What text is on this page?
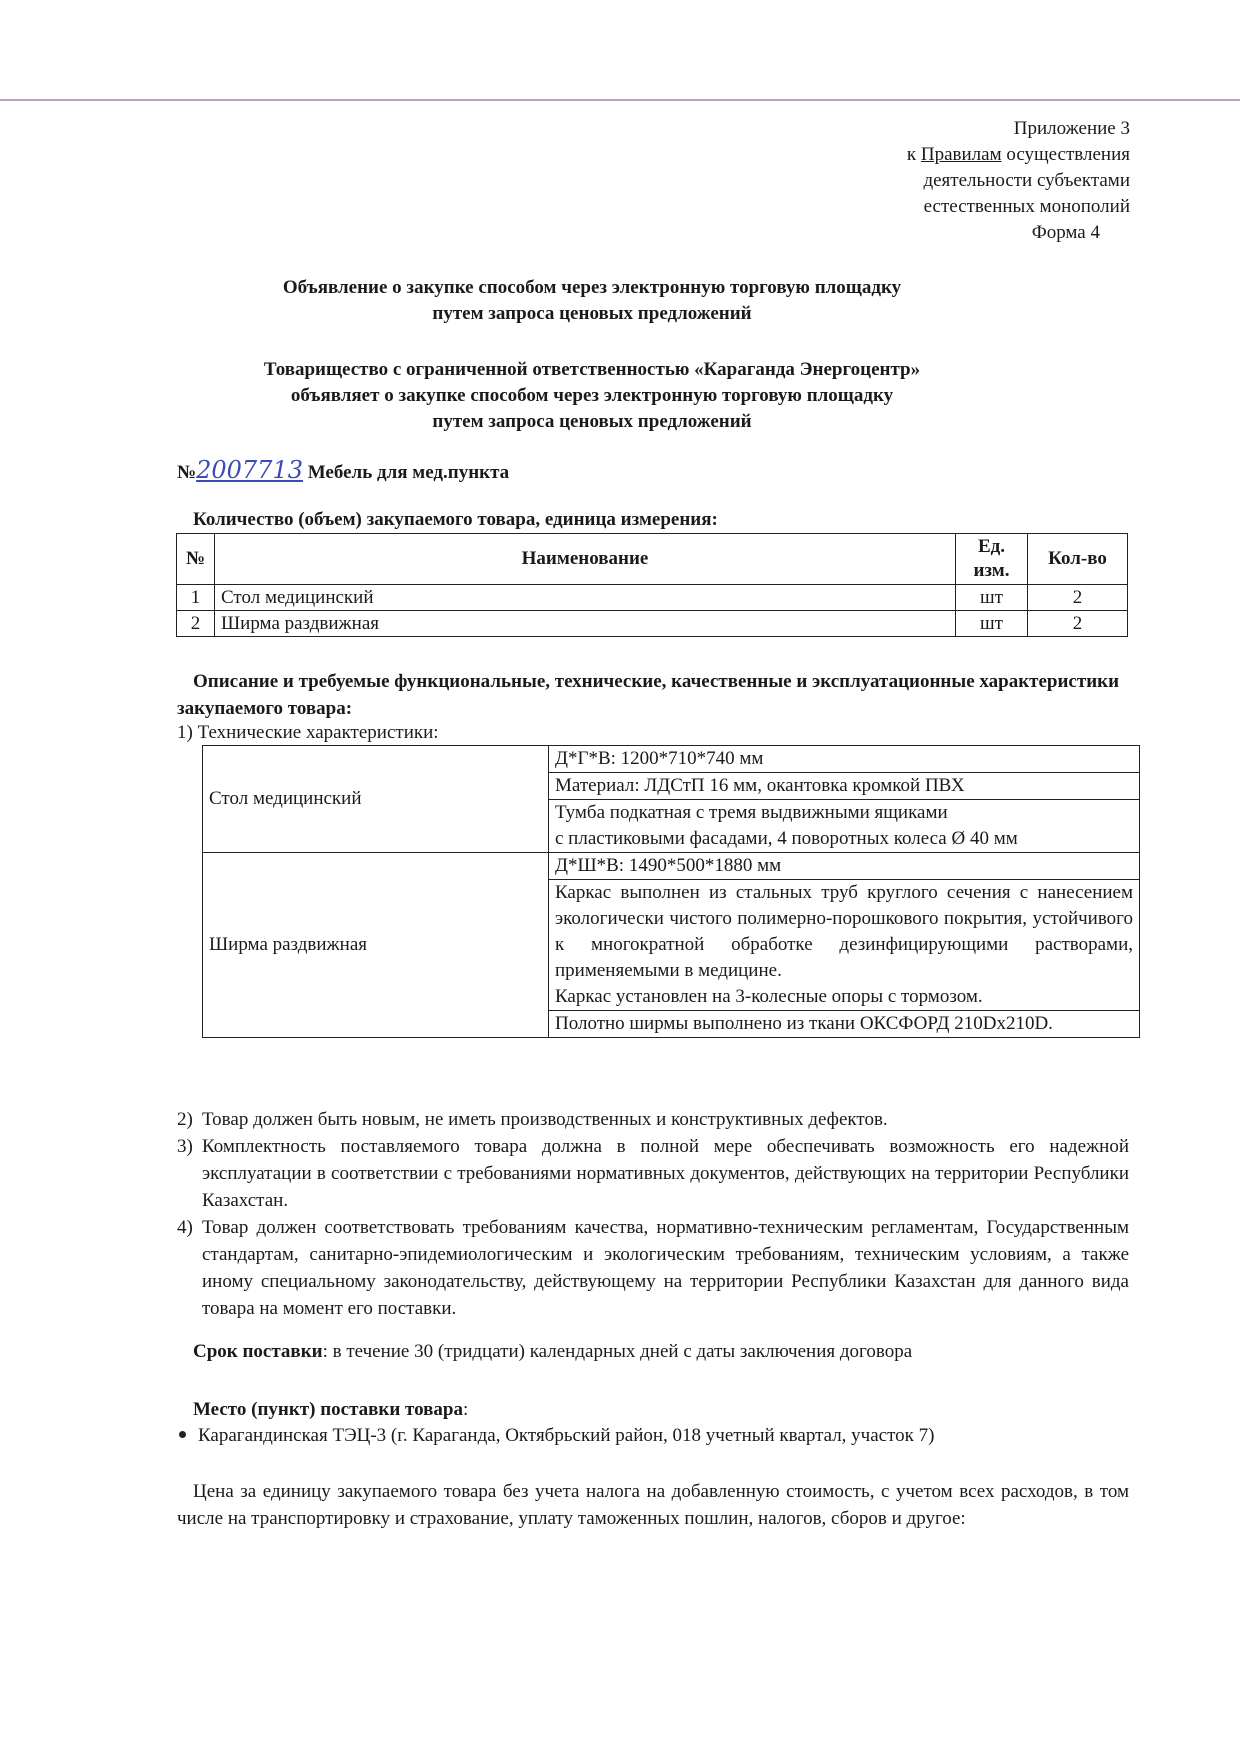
Приложение 3
к Правилам осуществления
деятельности субъектами
естественных монополий
Форма 4
Объявление о закупке способом через электронную торговую площадку
путем запроса ценовых предложений
Товарищество с ограниченной ответственностью «Караганда Энергоцентр»
объявляет о закупке способом через электронную торговую площадку
путем запроса ценовых предложений
№2007713 Мебель для мед.пункта
Количество (объем) закупаемого товара, единица измерения:
№	Наименование	Ед. изм.	Кол-во
1	Стол медицинский	шт	2
2	Ширма раздвижная	шт	2
Описание и требуемые функциональные, технические, качественные и эксплуатационные характеристики закупаемого товара:
1) Технические характеристики:
Стол медицинский	Д*Г*В: 1200*710*740 мм
	Материал: ЛДСтП 16 мм, окантовка кромкой ПВХ

	Тумба подкатная с тремя выдвижными ящиками
с пластиковыми фасадами, 4 поворотных колеса Ø 40 мм

Ширма раздвижная	Д*Ш*В: 1490*500*1880 мм

	Каркас выполнен из стальных труб круглого сечения с нанесением экологически чистого полимерно-порошкового покрытия, устойчивого к многократной обработке дезинфицирующими растворами, применяемыми в медицине.
Каркас установлен на 3-колесные опоры с тормозом.

	Полотно ширмы выполнено из ткани ОКСФОРД 210Dх210D.
2) Товар должен быть новым, не иметь производственных и конструктивных дефектов.
3) Комплектность поставляемого товара должна в полной мере обеспечивать возможность его надежной эксплуатации в соответствии с требованиями нормативных документов, действующих на территории Республики Казахстан.
4) Товар должен соответствовать требованиям качества, нормативно-техническим регламентам, Государственным стандартам, санитарно-эпидемиологическим и экологическим требованиям, техническим условиям, а также иному специальному законодательству, действующему на территории Республики Казахстан для данного вида товара на момент его поставки.
Срок поставки: в течение 30 (тридцати) календарных дней с даты заключения договора
Место (пункт) поставки товара:
Карагандинская ТЭЦ-3 (г. Караганда, Октябрьский район, 018 учетный квартал, участок 7)
Цена за единицу закупаемого товара без учета налога на добавленную стоимость, с учетом всех расходов, в том числе на транспортировку и страхование, уплату таможенных пошлин, налогов, сборов и другое:
